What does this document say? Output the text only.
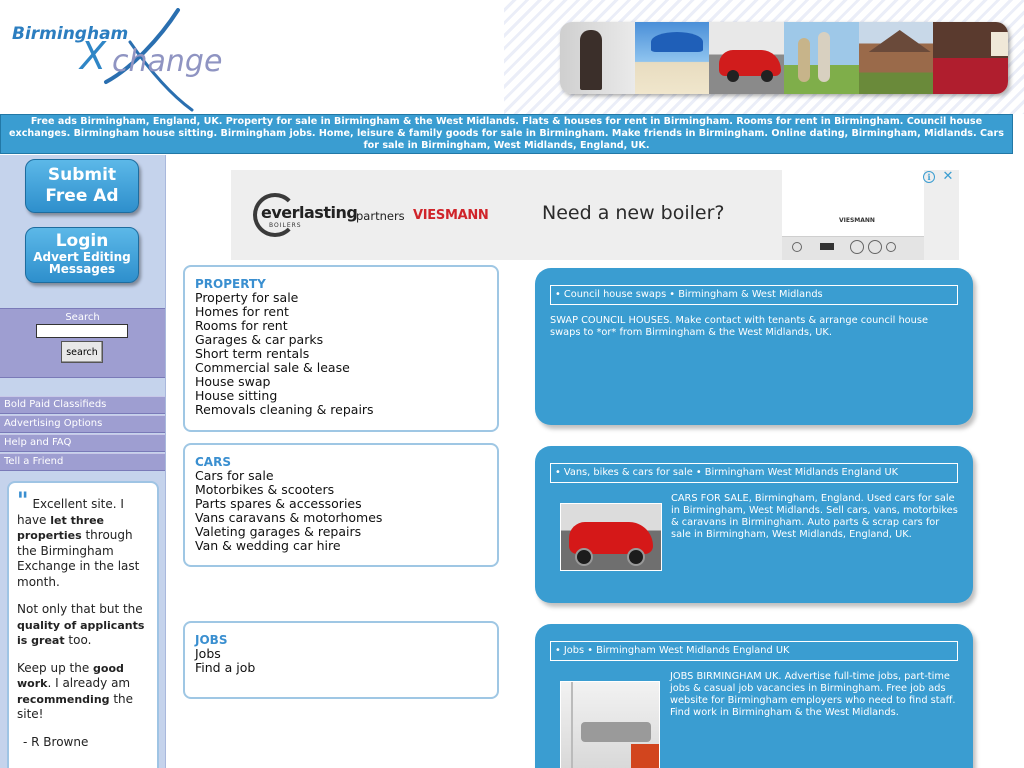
Birmingham
X change
Free ads Birmingham, England, UK. Property for sale in Birmingham & the West Midlands. Flats & houses for rent in Birmingham. Rooms for rent in Birmingham. Council house exchanges. Birmingham house sitting. Birmingham jobs. Home, leisure & family goods for sale in Birmingham. Make friends in Birmingham. Online dating, Birmingham, Midlands. Cars for sale in Birmingham, West Midlands, England, UK.
Submit
Free Ad
Login
Advert Editing
Messages
Search
search
Bold Paid Classifieds
Advertising Options
Help and FAQ
Tell a Friend

" Excellent site. I have let three properties through the Birmingham Exchange in the last month.

Not only that but the quality of applicants is great too.

Keep up the good work. I already am recommending the site!

- R Browne

everlasting
BOILERS
partners VIESMANN	Need a new boiler?	VIESMANN
i ✕
PROPERTY
Property for sale
Homes for rent
Rooms for rent
Garages & car parks
Short term rentals
Commercial sale & lease
House swap
House sitting
Removals cleaning & repairs
CARS
Cars for sale
Motorbikes & scooters
Parts spares & accessories
Vans caravans & motorhomes
Valeting garages & repairs
Van & wedding car hire
JOBS
Jobs
Find a job
• Council house swaps • Birmingham & West Midlands
SWAP COUNCIL HOUSES. Make contact with tenants & arrange council house swaps to *or* from Birmingham & the West Midlands, UK.
• Vans, bikes & cars for sale • Birmingham West Midlands England UK
CARS FOR SALE, Birmingham, England. Used cars for sale in Birmingham, West Midlands. Sell cars, vans, motorbikes & caravans in Birmingham. Auto parts & scrap cars for sale in Birmingham, West Midlands, England, UK.
• Jobs • Birmingham West Midlands England UK
JOBS BIRMINGHAM UK. Advertise full-time jobs, part-time jobs & casual job vacancies in Birmingham. Free job ads website for Birmingham employers who need to find staff. Find work in Birmingham & the West Midlands.
